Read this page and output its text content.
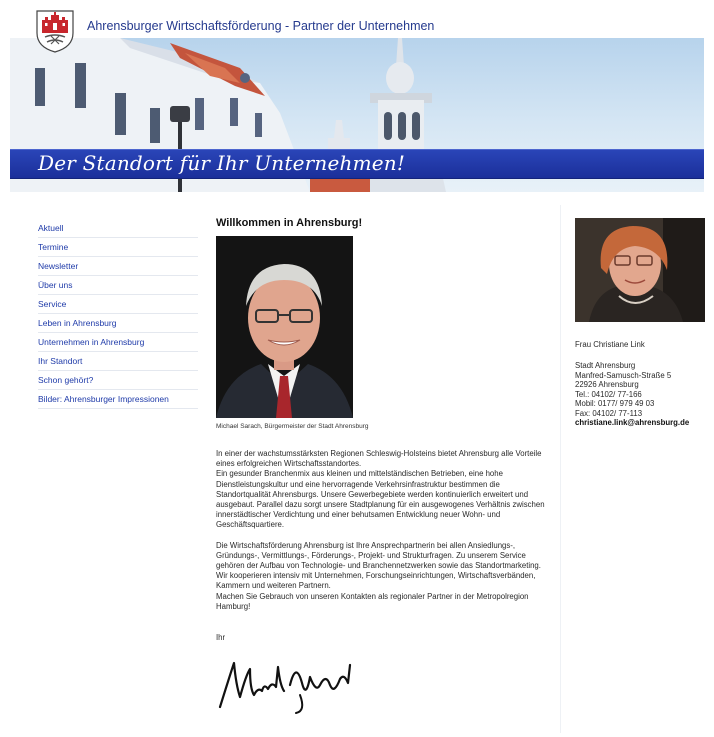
Ahrensburger Wirtschaftsförderung - Partner der Unternehmen
Der Standort für Ihr Unternehmen!
Aktuell
Termine
Newsletter
Über uns
Service
Leben in Ahrensburg
Unternehmen in Ahrensburg
Ihr Standort
Schon gehört?
Bilder: Ahrensburger Impressionen
Willkommen in Ahrensburg!
Michael Sarach, Bürgermeister der Stadt Ahrensburg

In einer der wachstumsstärksten Regionen Schleswig-Holsteins bietet Ahrensburg alle Vorteile eines erfolgreichen Wirtschaftsstandortes.

Ein gesunder Branchenmix aus kleinen und mittelständischen Betrieben, eine hohe Dienstleistungskultur und eine hervorragende Verkehrsinfrastruktur bestimmen die Standortqualität Ahrensburgs. Unsere Gewerbegebiete werden kontinuierlich erweitert und ausgebaut. Parallel dazu sorgt unsere Stadtplanung für ein ausgewogenes Verhältnis zwischen innerstädtischer Verdichtung und einer behutsamen Entwicklung neuer Wohn- und Geschäftsquartiere.

Die Wirtschaftsförderung Ahrensburg ist Ihre Ansprechpartnerin bei allen Ansiedlungs-, Gründungs-, Vermittlungs-, Förderungs-, Projekt- und Strukturfragen. Zu unserem Service gehören der Aufbau von Technologie- und Branchennetzwerken sowie das Standortmarketing. Wir kooperieren intensiv mit Unternehmen, Forschungseinrichtungen, Wirtschaftsverbänden, Kammern und weiteren Partnern.

Machen Sie Gebrauch von unseren Kontakten als regionaler Partner in der Metropolregion Hamburg!

Ihr
Frau Christiane Link
Stadt Ahrensburg
Manfred-Samusch-Straße 5
22926 Ahrensburg
Tel.: 04102/ 77-166
Mobil: 0177/ 979 49 03
Fax: 04102/ 77-113
christiane.link@ahrensburg.de
